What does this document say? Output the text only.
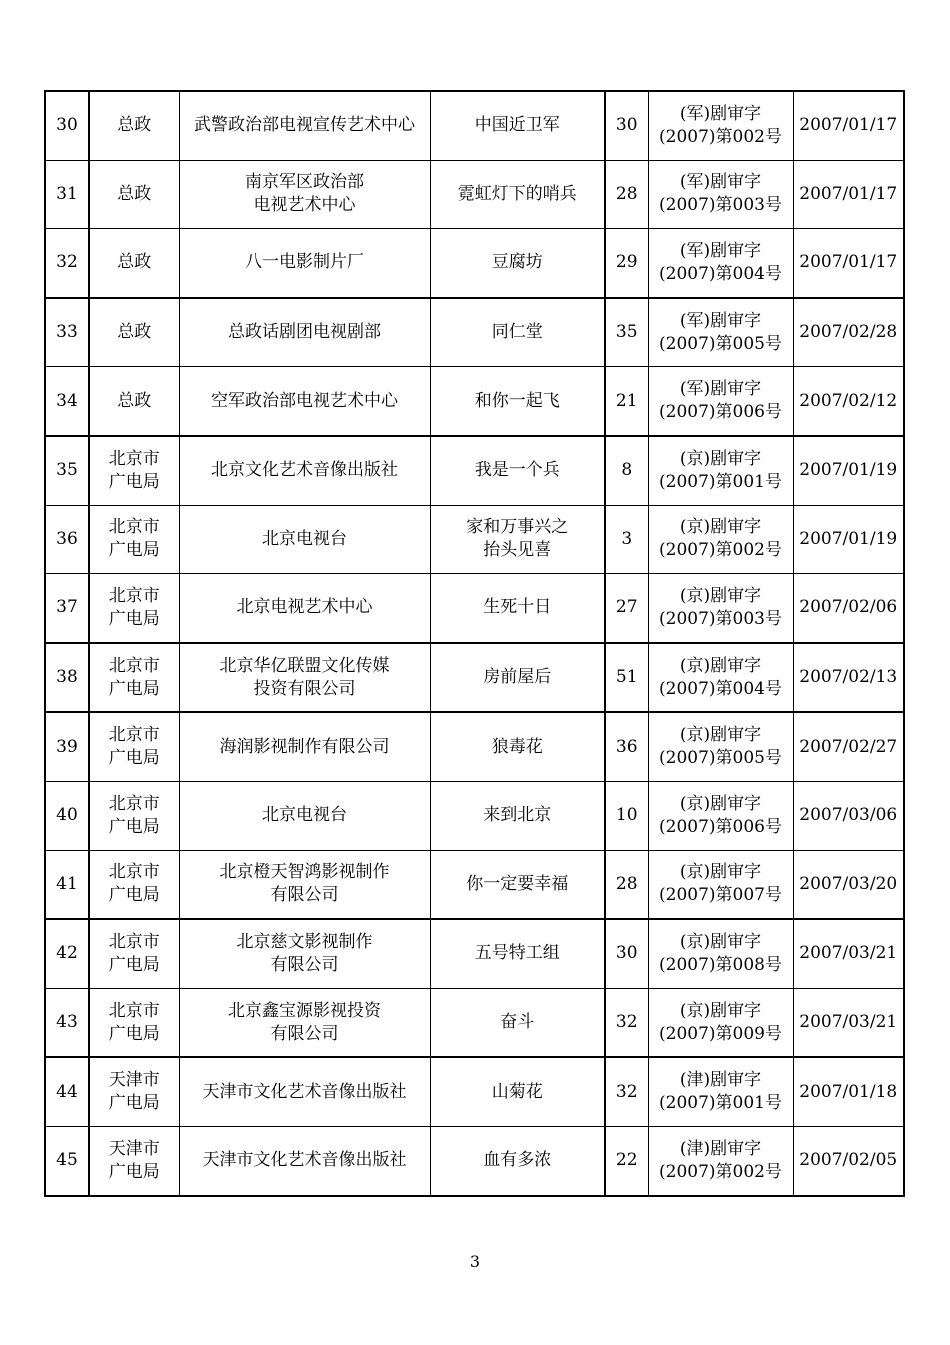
30	总政	武警政治部电视宣传艺术中心	中国近卫军	30	(军)剧审字
(2007)第002号	2007/01/17
31	总政	南京军区政治部
电视艺术中心	霓虹灯下的哨兵	28	(军)剧审字
(2007)第003号	2007/01/17
32	总政	八一电影制片厂	豆腐坊	29	(军)剧审字
(2007)第004号	2007/01/17
33	总政	总政话剧团电视剧部	同仁堂	35	(军)剧审字
(2007)第005号	2007/02/28
34	总政	空军政治部电视艺术中心	和你一起飞	21	(军)剧审字
(2007)第006号	2007/02/12
35	北京市
广电局	北京文化艺术音像出版社	我是一个兵	8	(京)剧审字
(2007)第001号	2007/01/19
36	北京市
广电局	北京电视台	家和万事兴之
抬头见喜	3	(京)剧审字
(2007)第002号	2007/01/19
37	北京市
广电局	北京电视艺术中心	生死十日	27	(京)剧审字
(2007)第003号	2007/02/06
38	北京市
广电局	北京华亿联盟文化传媒
投资有限公司	房前屋后	51	(京)剧审字
(2007)第004号	2007/02/13
39	北京市
广电局	海润影视制作有限公司	狼毒花	36	(京)剧审字
(2007)第005号	2007/02/27
40	北京市
广电局	北京电视台	来到北京	10	(京)剧审字
(2007)第006号	2007/03/06
41	北京市
广电局	北京橙天智鸿影视制作
有限公司	你一定要幸福	28	(京)剧审字
(2007)第007号	2007/03/20
42	北京市
广电局	北京慈文影视制作
有限公司	五号特工组	30	(京)剧审字
(2007)第008号	2007/03/21
43	北京市
广电局	北京鑫宝源影视投资
有限公司	奋斗	32	(京)剧审字
(2007)第009号	2007/03/21
44	天津市
广电局	天津市文化艺术音像出版社	山菊花	32	(津)剧审字
(2007)第001号	2007/01/18
45	天津市
广电局	天津市文化艺术音像出版社	血有多浓	22	(津)剧审字
(2007)第002号	2007/02/05
3
